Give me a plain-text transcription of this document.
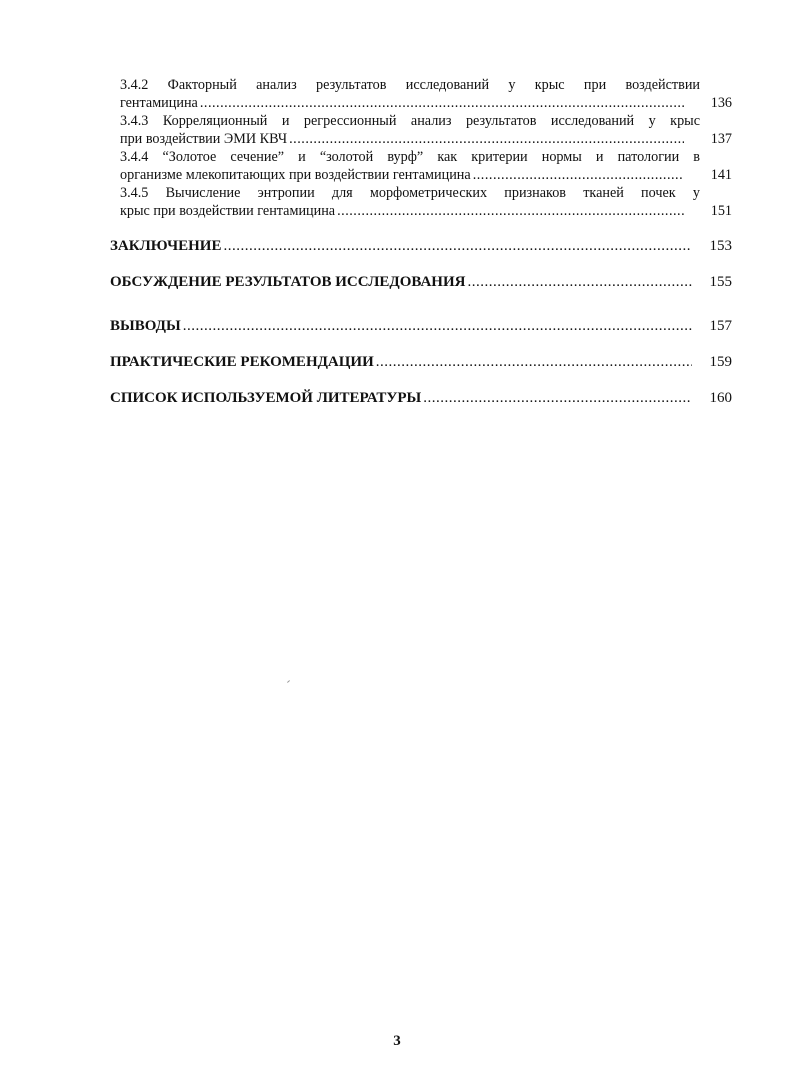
3.4.2 Факторный анализ результатов исследований у крыс при воздействии
гентамицина .....	136
3.4.3 Корреляционный и регрессионный анализ результатов исследований у крыс
при воздействии ЭМИ КВЧ .....	137
3.4.4 “Золотое сечение” и “золотой вурф” как критерии нормы и патологии в
организме млекопитающих при воздействии гентамицина .....	141
3.4.5 Вычисление энтропии для морфометрических признаков тканей почек у
крыс при воздействии гентамицина .....	151
ЗАКЛЮЧЕНИЕ .....	153
ОБСУЖДЕНИЕ РЕЗУЛЬТАТОВ ИССЛЕДОВАНИЯ .....	155
ВЫВОДЫ .....	157
ПРАКТИЧЕСКИЕ РЕКОМЕНДАЦИИ .....	159
СПИСОК ИСПОЛЬЗУЕМОЙ ЛИТЕРАТУРЫ .....	160
3
